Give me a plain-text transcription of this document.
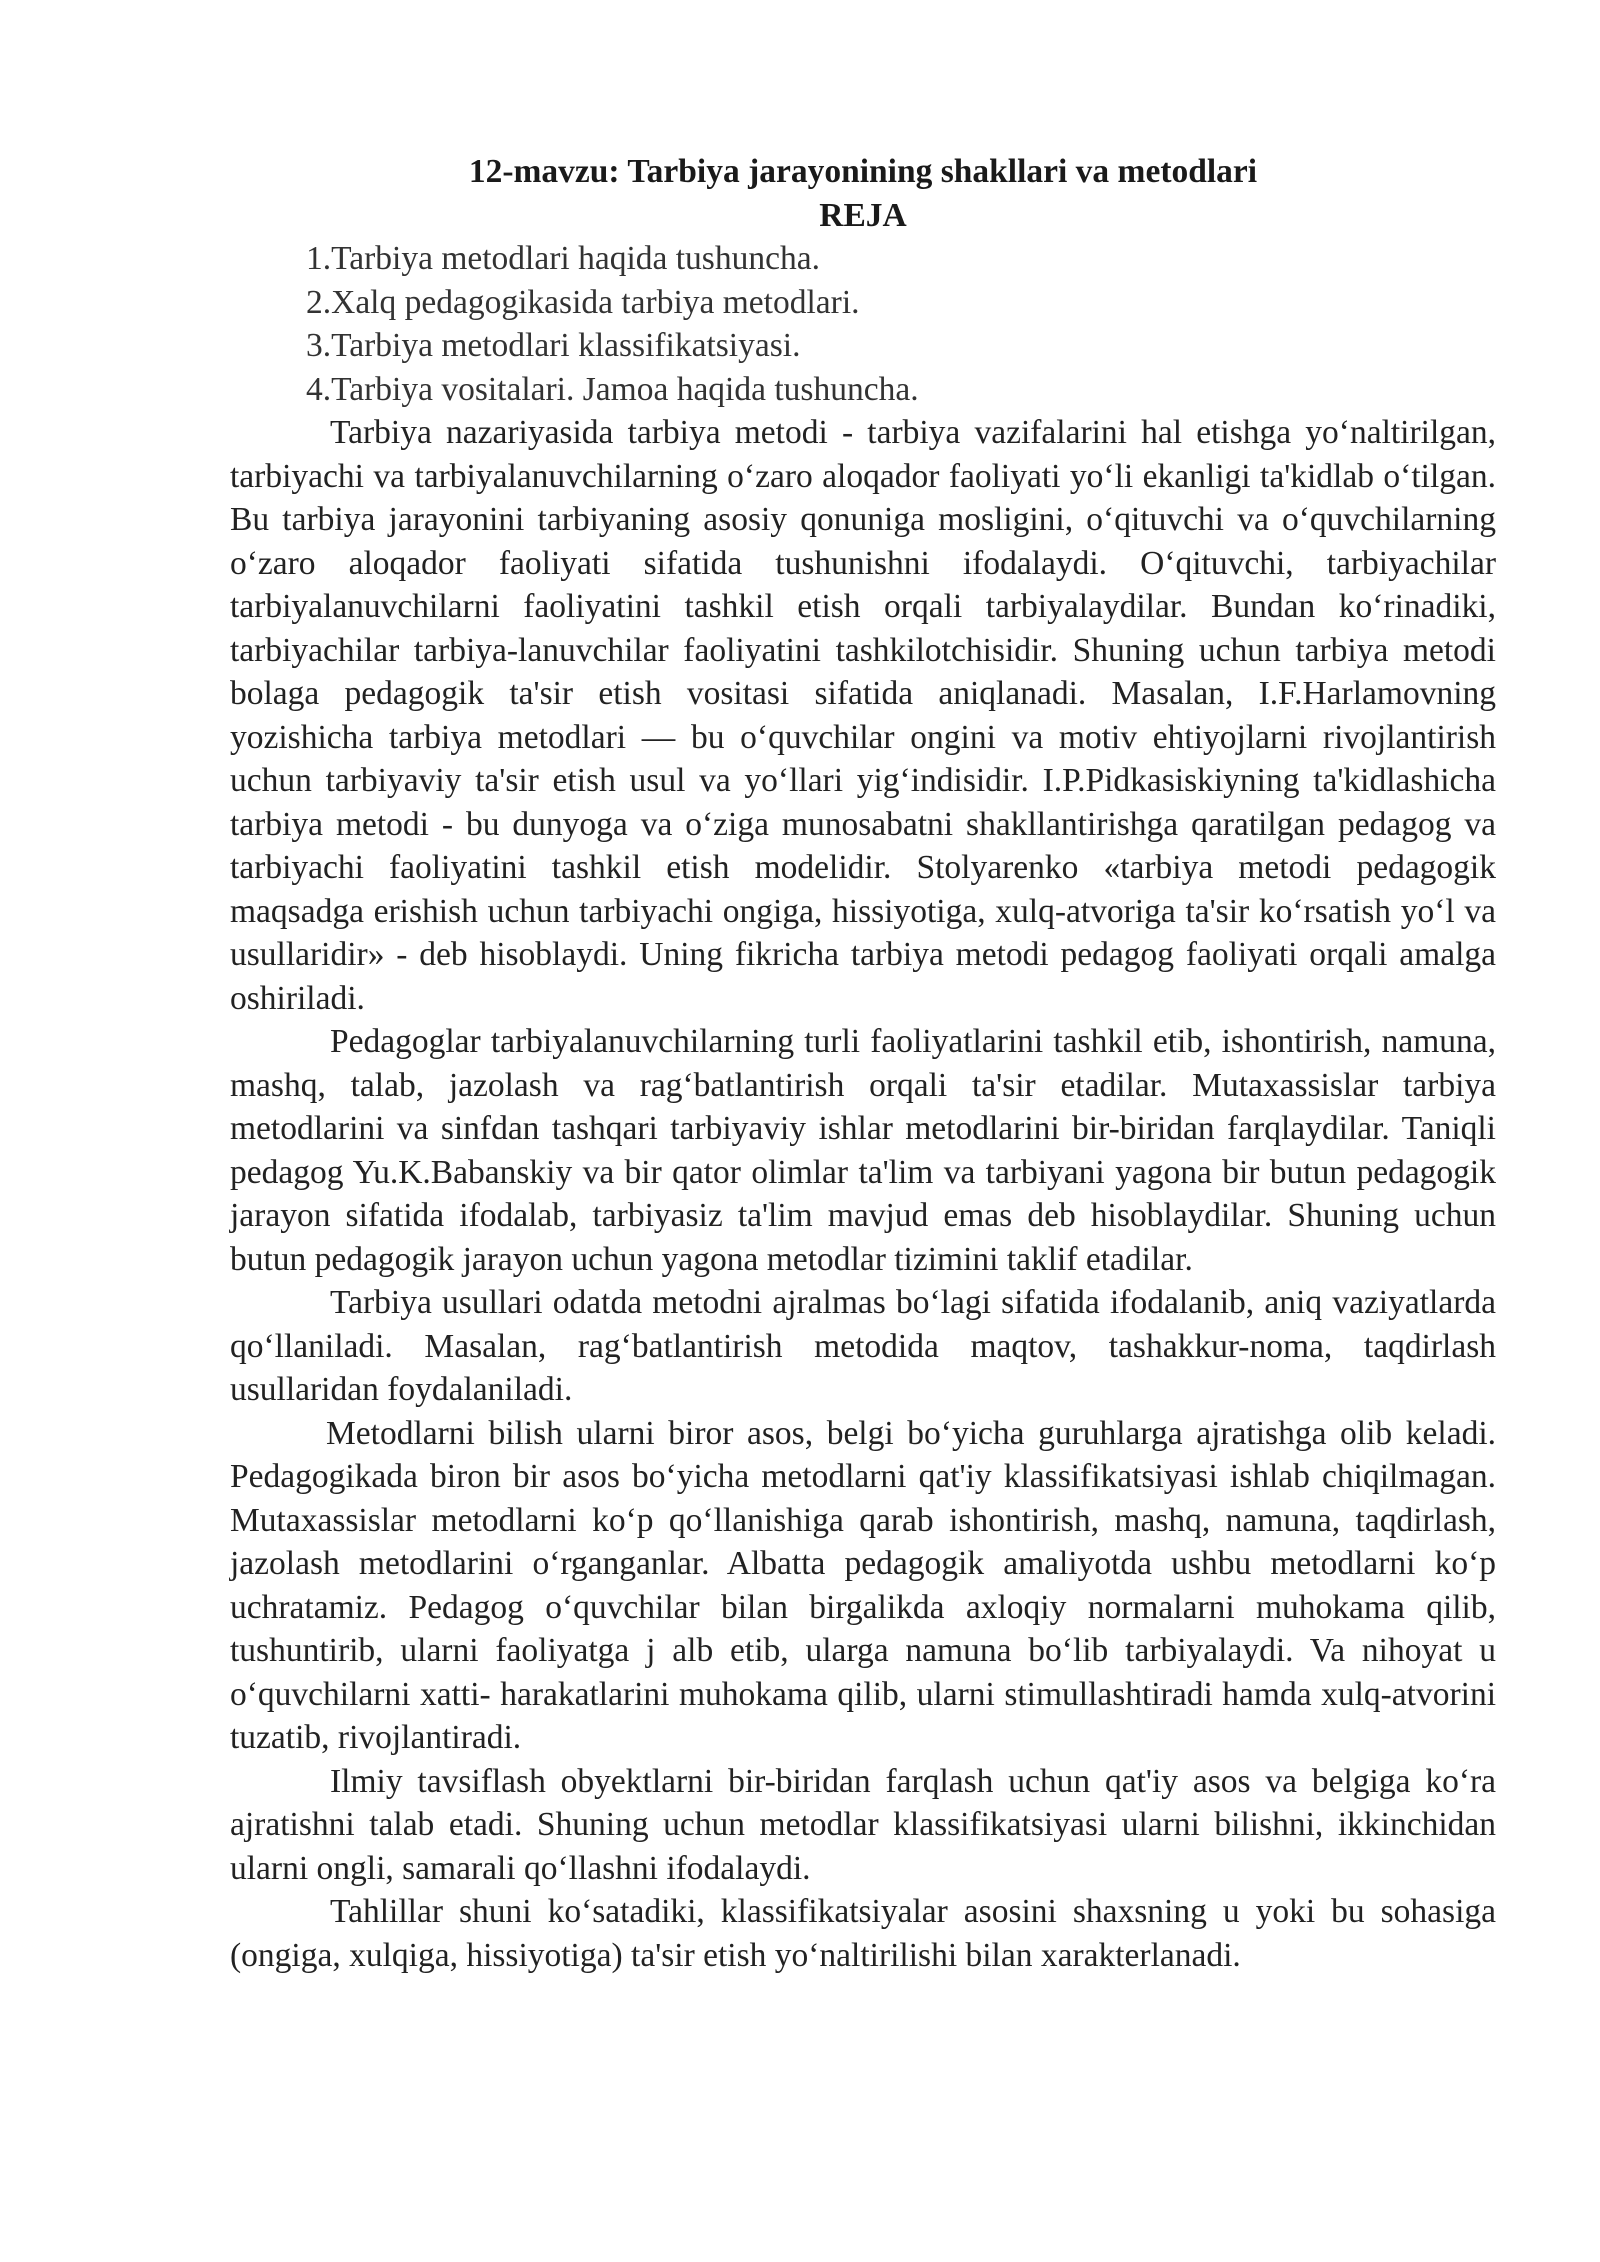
12-mavzu: Tarbiya jarayonining shakllari va metodlari

REJA

1.Tarbiya metodlari haqida tushuncha.
2.Xalq pedagogikasida tarbiya metodlari.
3.Tarbiya metodlari klassifikatsiyasi.
4.Tarbiya vositalari. Jamoa haqida tushuncha.

Tarbiya nazariyasida tarbiya metodi - tarbiya vazifalarini hal etishga yo‘naltirilgan, tarbiyachi va tarbiyalanuvchilarning o‘zaro aloqador faoliyati yo‘li ekanligi ta'kidlab o‘tilgan. Bu tarbiya jarayonini tarbiyaning asosiy qonuniga mosligini, o‘qituvchi va o‘quvchilarning o‘zaro aloqador faoliyati sifatida tushunishni ifodalaydi. O‘qituvchi, tarbiyachilar tarbiyalanuvchilarni faoliyatini tashkil etish orqali tarbiyalaydilar. Bundan ko‘rinadiki, tarbiyachilar tarbiya-lanuvchilar faoliyatini tashkilotchisidir. Shuning uchun tarbiya metodi bolaga pedagogik ta'sir etish vositasi sifatida aniqlanadi. Masalan, I.F.Harlamovning yozishicha tarbiya metodlari — bu o‘quvchilar ongini va motiv ehtiyojlarni rivojlantirish uchun tarbiyaviy ta'sir etish usul va yo‘llari yig‘indisidir. I.P.Pidkasiskiyning ta'kidlashicha tarbiya metodi - bu dunyoga va o‘ziga munosabatni shakllantirishga qaratilgan pedagog va tarbiyachi faoliyatini tashkil etish modelidir. Stolyarenko «tarbiya metodi pedagogik maqsadga erishish uchun tarbiyachi ongiga, hissiyotiga, xulq-atvoriga ta'sir ko‘rsatish yo‘l va usullaridir» - deb hisoblaydi. Uning fikricha tarbiya metodi pedagog faoliyati orqali amalga oshiriladi.

Pedagoglar tarbiyalanuvchilarning turli faoliyatlarini tashkil etib, ishontirish, namuna, mashq, talab, jazolash va rag‘batlantirish orqali ta'sir etadilar. Mutaxassislar tarbiya metodlarini va sinfdan tashqari tarbiyaviy ishlar metodlarini bir-biridan farqlaydilar. Taniqli pedagog Yu.K.Babanskiy va bir qator olimlar ta'lim va tarbiyani yagona bir butun pedagogik jarayon sifatida ifodalab, tarbiyasiz ta'lim mavjud emas deb hisoblaydilar. Shuning uchun butun pedagogik jarayon uchun yagona metodlar tizimini taklif etadilar.

Tarbiya usullari odatda metodni ajralmas bo‘lagi sifatida ifodalanib, aniq vaziyatlarda qo‘llaniladi. Masalan, rag‘batlantirish metodida maqtov, tashakkur-noma, taqdirlash usullaridan foydalaniladi.

Metodlarni bilish ularni biror asos, belgi bo‘yicha guruhlarga ajratishga olib keladi. Pedagogikada biron bir asos bo‘yicha metodlarni qat'iy klassifikatsiyasi ishlab chiqilmagan. Mutaxassislar metodlarni ko‘p qo‘llanishiga qarab ishontirish, mashq, namuna, taqdirlash, jazolash metodlarini o‘rganganlar. Albatta pedagogik amaliyotda ushbu metodlarni ko‘p uchratamiz. Pedagog o‘quvchilar bilan birgalikda axloqiy normalarni muhokama qilib, tushuntirib, ularni faoliyatga j alb etib, ularga namuna bo‘lib tarbiyalaydi. Va nihoyat u o‘quvchilarni xatti- harakatlarini muhokama qilib, ularni stimullashtiradi hamda xulq-atvorini tuzatib, rivojlantiradi.

Ilmiy tavsiflash obyektlarni bir-biridan farqlash uchun qat'iy asos va belgiga ko‘ra ajratishni talab etadi. Shuning uchun metodlar klassifikatsiyasi ularni bilishni, ikkinchidan ularni ongli, samarali qo‘llashni ifodalaydi.

Tahlillar shuni ko‘satadiki, klassifikatsiyalar asosini shaxsning u yoki bu sohasiga (ongiga, xulqiga, hissiyotiga) ta'sir etish yo‘naltirilishi bilan xarakterlanadi.
